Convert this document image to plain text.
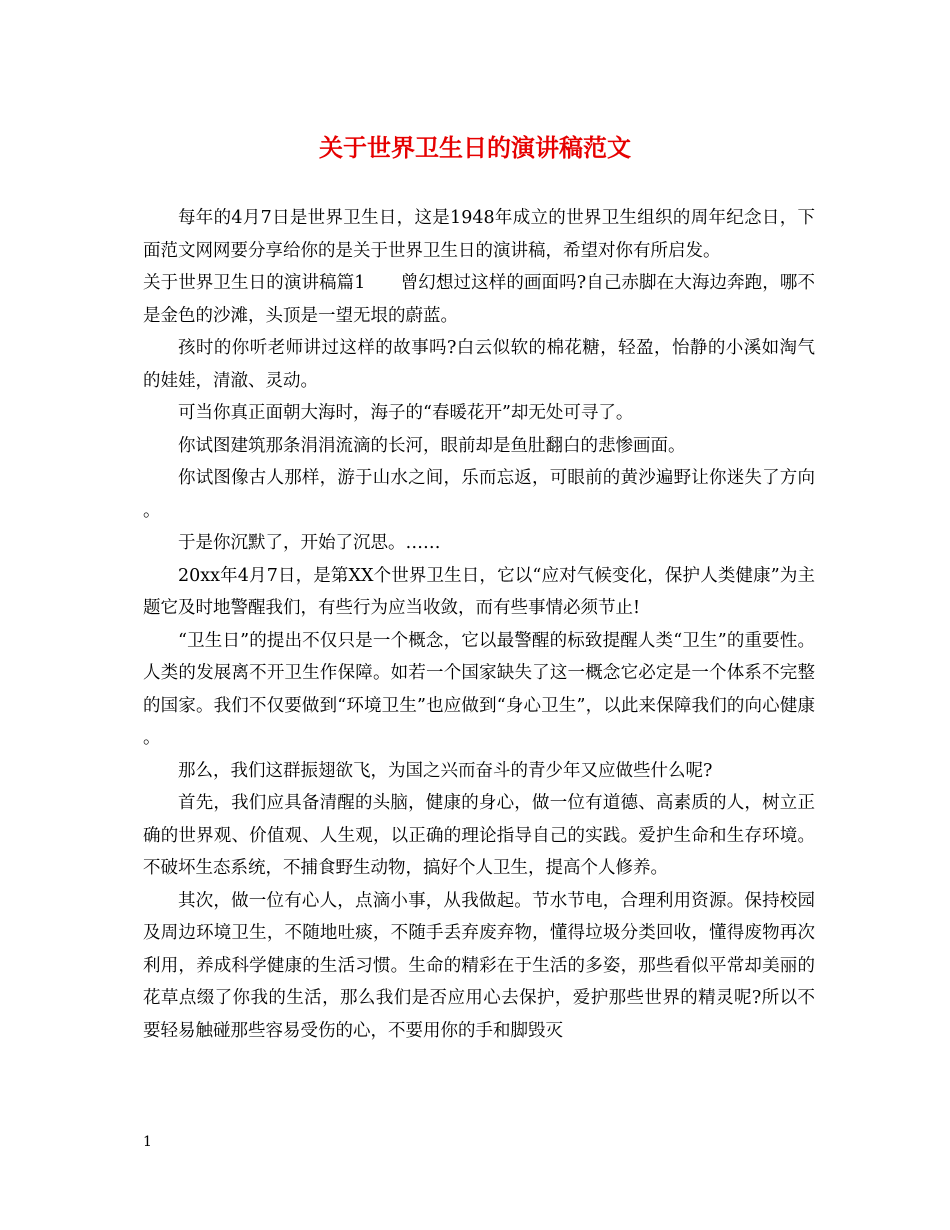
关于世界卫生日的演讲稿范文

每年的4月7日是世界卫生日，这是1948年成立的世界卫生组织的周年纪念日，下面范文网网要分享给你的是关于世界卫生日的演讲稿，希望对你有所启发。

关于世界卫生日的演讲稿篇1　　曾幻想过这样的画面吗?自己赤脚在大海边奔跑，哪不是金色的沙滩，头顶是一望无垠的蔚蓝。

孩时的你听老师讲过这样的故事吗?白云似软的棉花糖，轻盈，怡静的小溪如淘气的娃娃，清澈、灵动。

可当你真正面朝大海时，海子的“春暖花开”却无处可寻了。

你试图建筑那条涓涓流滴的长河，眼前却是鱼肚翻白的悲惨画面。

你试图像古人那样，游于山水之间，乐而忘返，可眼前的黄沙遍野让你迷失了方向。

于是你沉默了，开始了沉思。……

20xx年4月7日，是第XX个世界卫生日，它以“应对气候变化，保护人类健康”为主题它及时地警醒我们，有些行为应当收敛，而有些事情必须节止!

“卫生日”的提出不仅只是一个概念，它以最警醒的标致提醒人类“卫生”的重要性。人类的发展离不开卫生作保障。如若一个国家缺失了这一概念它必定是一个体系不完整的国家。我们不仅要做到“环境卫生”也应做到“身心卫生”，以此来保障我们的向心健康。

那么，我们这群振翅欲飞，为国之兴而奋斗的青少年又应做些什么呢?

首先，我们应具备清醒的头脑，健康的身心，做一位有道德、高素质的人，树立正确的世界观、价值观、人生观，以正确的理论指导自己的实践。爱护生命和生存环境。不破坏生态系统，不捕食野生动物，搞好个人卫生，提高个人修养。

其次，做一位有心人，点滴小事，从我做起。节水节电，合理利用资源。保持校园及周边环境卫生，不随地吐痰，不随手丢弃废弃物，懂得垃圾分类回收，懂得废物再次利用，养成科学健康的生活习惯。生命的精彩在于生活的多姿，那些看似平常却美丽的花草点缀了你我的生活，那么我们是否应用心去保护，爱护那些世界的精灵呢?所以不要轻易触碰那些容易受伤的心，不要用你的手和脚毁灭

1
